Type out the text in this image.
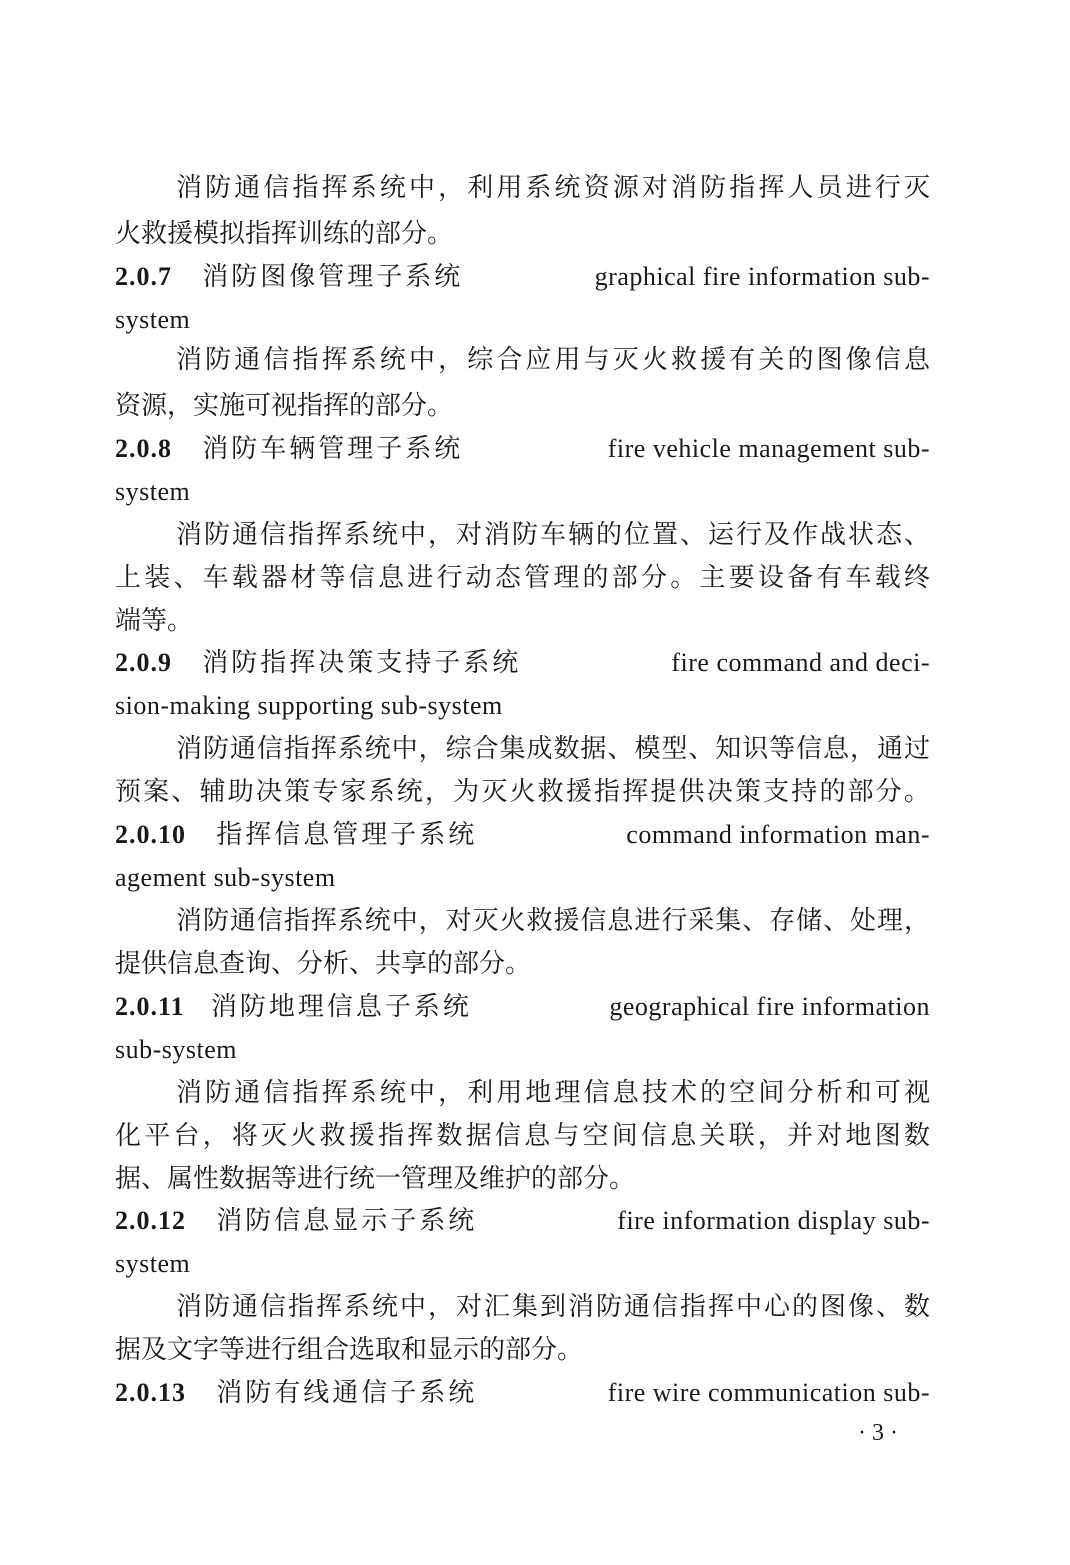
消防通信指挥系统中，利用系统资源对消防指挥人员进行灭
火救援模拟指挥训练的部分。
2.0.7 消防图像管理子系统	graphical fire information sub-
system
消防通信指挥系统中，综合应用与灭火救援有关的图像信息
资源，实施可视指挥的部分。
2.0.8 消防车辆管理子系统	fire vehicle management sub-
system
消防通信指挥系统中，对消防车辆的位置、运行及作战状态、
上装、车载器材等信息进行动态管理的部分。主要设备有车载终
端等。
2.0.9 消防指挥决策支持子系统	fire command and deci-
sion-making supporting sub-system
消防通信指挥系统中，综合集成数据、模型、知识等信息，通过
预案、辅助决策专家系统，为灭火救援指挥提供决策支持的部分。
2.0.10 指挥信息管理子系统	command information man-
agement sub-system
消防通信指挥系统中，对灭火救援信息进行采集、存储、处理，
提供信息查询、分析、共享的部分。
2.0.11 消防地理信息子系统	geographical fire information
sub-system
消防通信指挥系统中，利用地理信息技术的空间分析和可视
化平台，将灭火救援指挥数据信息与空间信息关联，并对地图数
据、属性数据等进行统一管理及维护的部分。
2.0.12 消防信息显示子系统	fire information display sub-
system
消防通信指挥系统中，对汇集到消防通信指挥中心的图像、数
据及文字等进行组合选取和显示的部分。
2.0.13 消防有线通信子系统	fire wire communication sub-
· 3 ·
